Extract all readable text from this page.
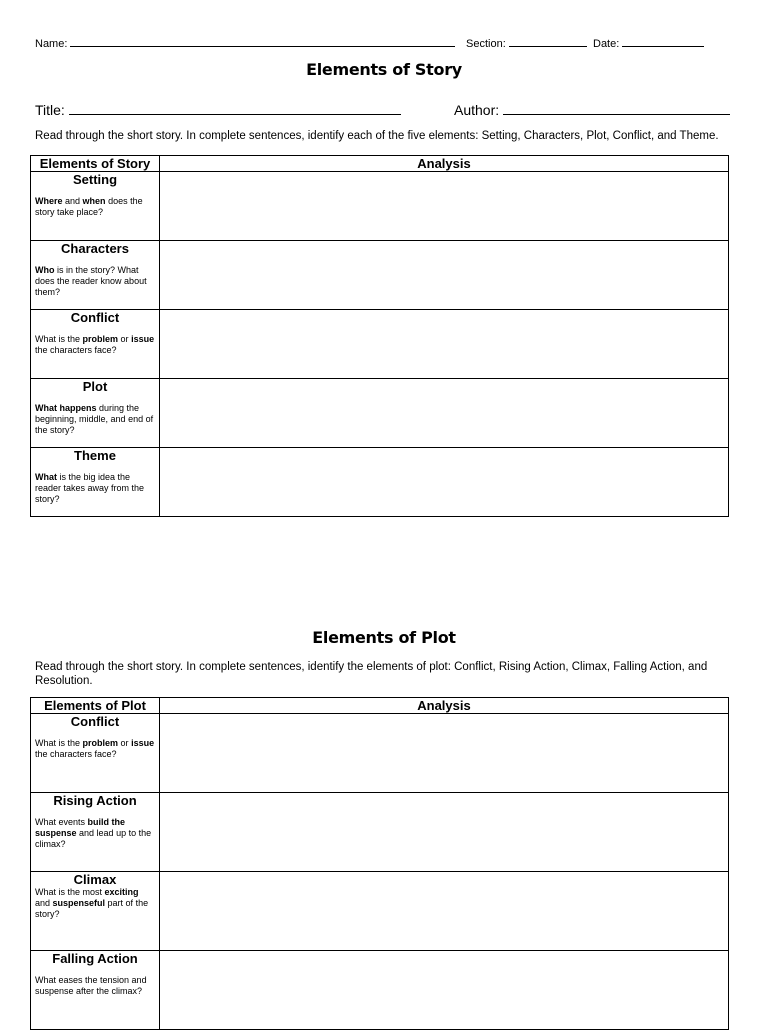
Name:	Section:	Date:
Elements of Story
Title:	Author:
Read through the short story. In complete sentences, identify each of the five elements: Setting, Characters, Plot, Conflict, and Theme.
Elements of Story	Analysis

Setting
Where and when does the story take place?	

Characters
Who is in the story? What does the reader know about them?	

Conflict
What is the problem or issue the characters face?	

Plot
What happens during the beginning, middle, and end of the story?	

Theme
What is the big idea the reader takes away from the story?	

Elements of Plot
Read through the short story. In complete sentences, identify the elements of plot: Conflict, Rising Action, Climax, Falling Action, and Resolution.
Elements of Plot	Analysis

Conflict
What is the problem or issue the characters face?	

Rising Action
What events build the suspense and lead up to the climax?	

Climax
What is the most exciting and suspenseful part of the story?	

Falling Action
What eases the tension and suspense after the climax?	
